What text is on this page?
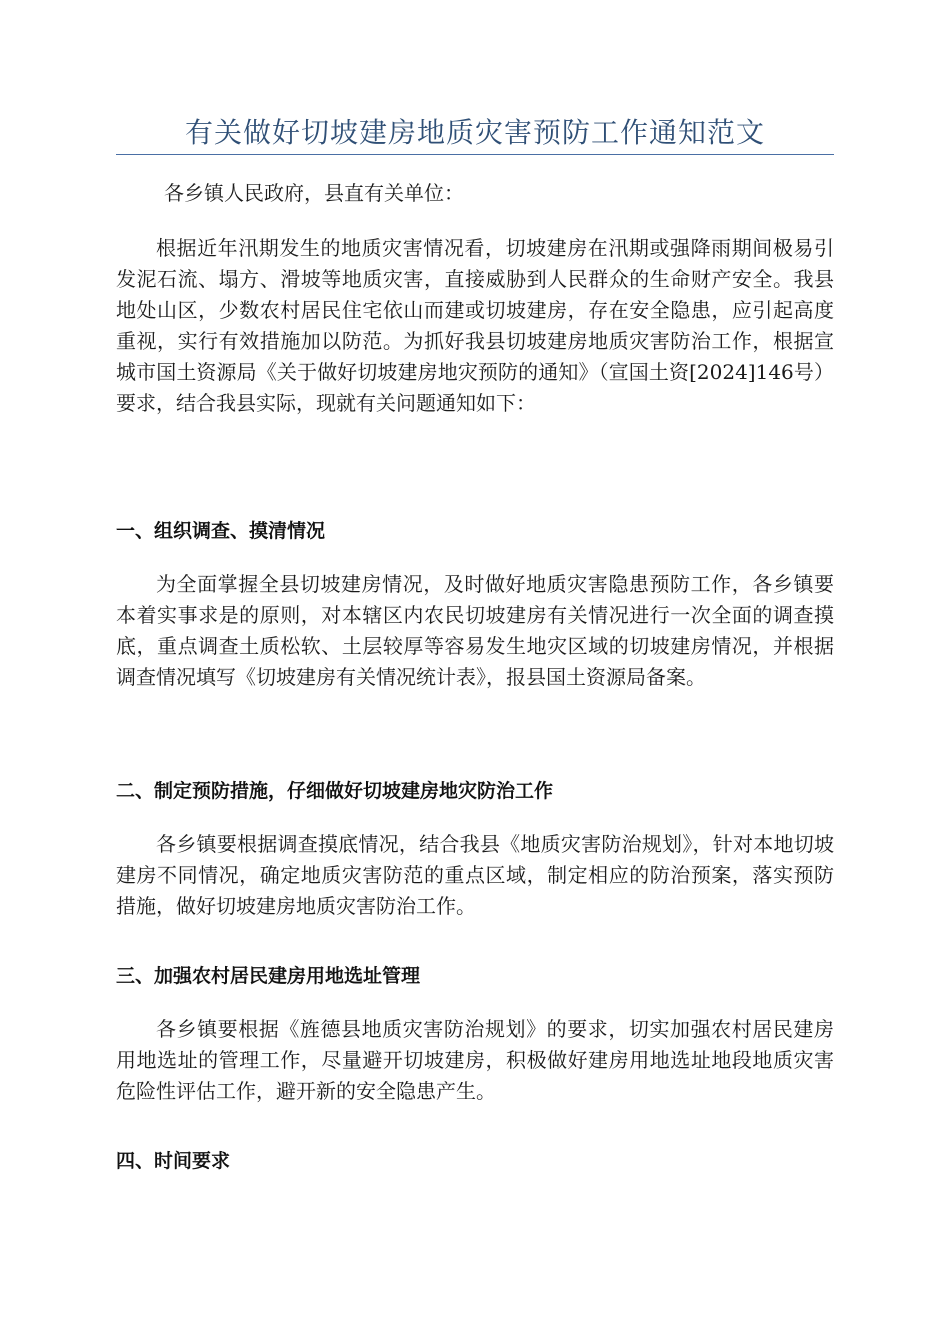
有关做好切坡建房地质灾害预防工作通知范文

各乡镇人民政府，县直有关单位：

根据近年汛期发生的地质灾害情况看，切坡建房在汛期或强降雨期间极易引发泥石流、塌方、滑坡等地质灾害，直接威胁到人民群众的生命财产安全。我县地处山区，少数农村居民住宅依山而建或切坡建房，存在安全隐患，应引起高度重视，实行有效措施加以防范。为抓好我县切坡建房地质灾害防治工作，根据宣城市国土资源局《关于做好切坡建房地灾预防的通知》（宣国土资[2024]146号）要求，结合我县实际，现就有关问题通知如下：

一、组织调查、摸清情况

为全面掌握全县切坡建房情况，及时做好地质灾害隐患预防工作，各乡镇要本着实事求是的原则，对本辖区内农民切坡建房有关情况进行一次全面的调查摸底，重点调查土质松软、土层较厚等容易发生地灾区域的切坡建房情况，并根据调查情况填写《切坡建房有关情况统计表》，报县国土资源局备案。

二、制定预防措施，仔细做好切坡建房地灾防治工作

各乡镇要根据调查摸底情况，结合我县《地质灾害防治规划》，针对本地切坡建房不同情况，确定地质灾害防范的重点区域，制定相应的防治预案，落实预防措施，做好切坡建房地质灾害防治工作。

三、加强农村居民建房用地选址管理

各乡镇要根据《旌德县地质灾害防治规划》的要求，切实加强农村居民建房用地选址的管理工作，尽量避开切坡建房，积极做好建房用地选址地段地质灾害危险性评估工作，避开新的安全隐患产生。

四、时间要求
